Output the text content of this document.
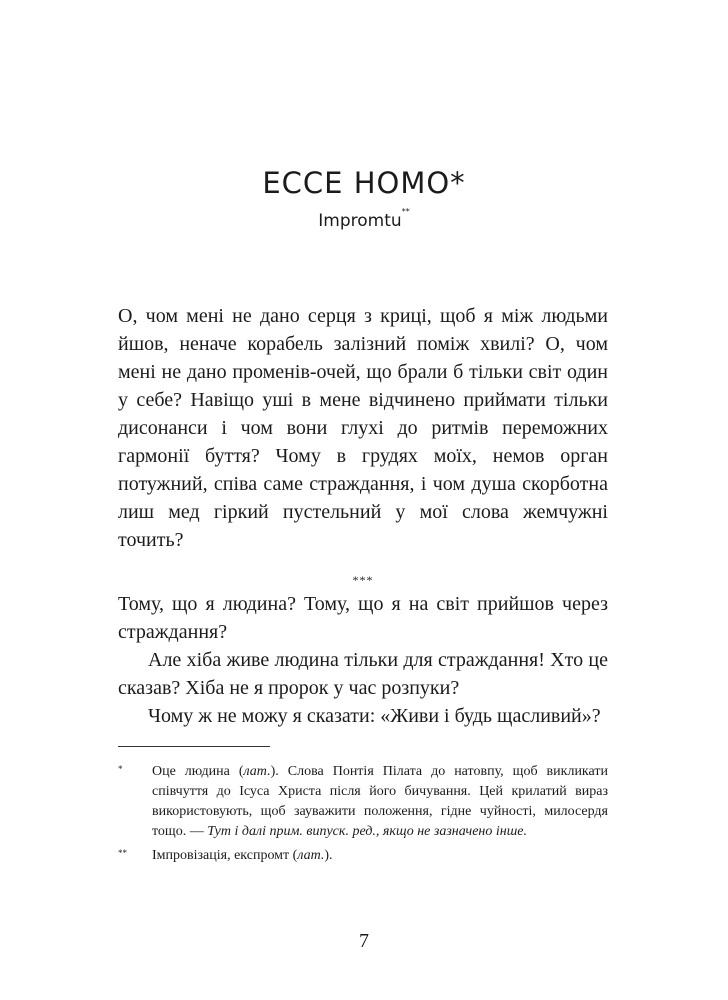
ECCE HOMO*
Impromtu**

О, чом мені не дано серця з криці, щоб я між людьми йшов, неначе корабель залізний поміж хвилі? О, чом мені не дано променів-очей, що брали б тільки світ один у себе? Навіщо уші в мене відчинено приймати тільки дисонанси і чом вони глухі до ритмів переможних гармонії буття? Чому в грудях моїх, немов орган потужний, співа саме страждання, і чом душа скорботна лиш мед гіркий пустельний у мої слова жемчужні точить?

***

Тому, що я людина? Тому, що я на світ прийшов через страждання?

Але хіба живе людина тільки для страждання! Хто це сказав? Хіба не я пророк у час розпуки?

Чому ж не можу я сказати: «Живи і будь щасливий»?

* Оце людина (лат.). Слова Понтія Пілата до натовпу, щоб викликати співчуття до Ісуса Христа після його бичування. Цей крилатий вираз використовують, щоб зауважити положення, гідне чуйності, милосердя тощо. — Тут і далі прим. випуск. ред., якщо не зазначено інше.

** Імпровізація, експромт (лат.).

7
